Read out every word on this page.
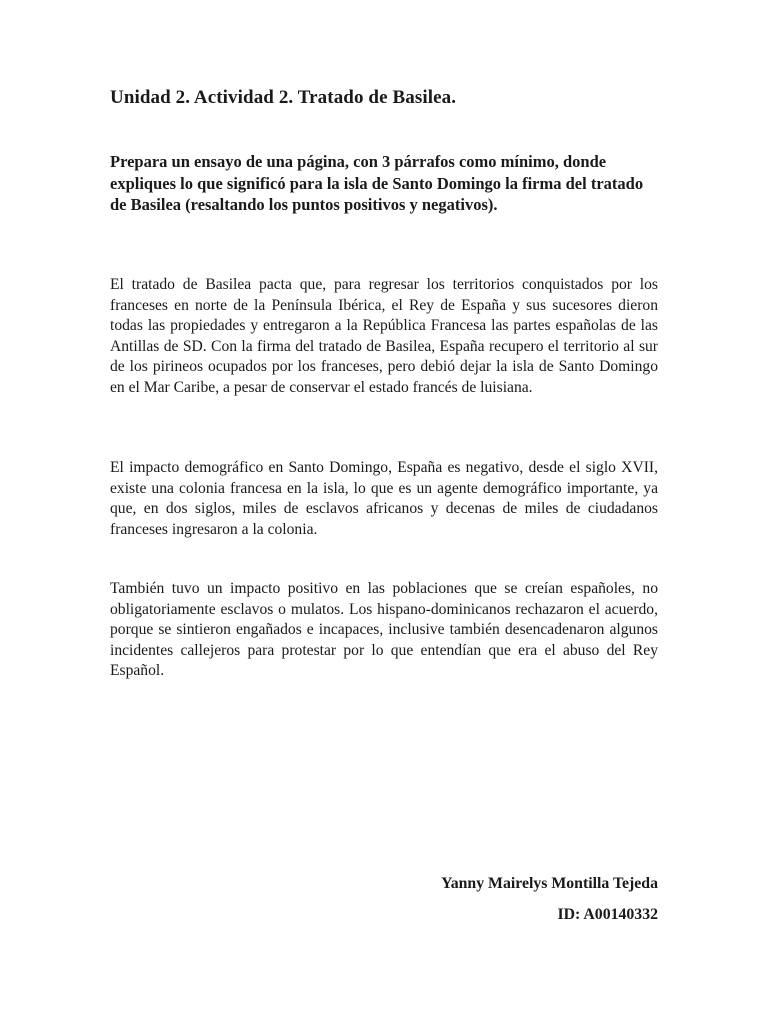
Unidad 2. Actividad 2. Tratado de Basilea.

Prepara un ensayo de una página, con 3 párrafos como mínimo, donde expliques lo que significó para la isla de Santo Domingo la firma del tratado de Basilea (resaltando los puntos positivos y negativos).

El tratado de Basilea pacta que, para regresar los territorios conquistados por los franceses en norte de la Península Ibérica, el Rey de España y sus sucesores dieron todas las propiedades y entregaron a la República Francesa las partes españolas de las Antillas de SD. Con la firma del tratado de Basilea, España recupero el territorio al sur de los pirineos ocupados por los franceses, pero debió dejar la isla de Santo Domingo en el Mar Caribe, a pesar de conservar el estado francés de luisiana.

El impacto demográfico en Santo Domingo, España es negativo, desde el siglo XVII, existe una colonia francesa en la isla, lo que es un agente demográfico importante, ya que, en dos siglos, miles de esclavos africanos y decenas de miles de ciudadanos franceses ingresaron a la colonia.

También tuvo un impacto positivo en las poblaciones que se creían españoles, no obligatoriamente esclavos o mulatos. Los hispano-dominicanos rechazaron el acuerdo, porque se sintieron engañados e incapaces, inclusive también desencadenaron algunos incidentes callejeros para protestar por lo que entendían que era el abuso del Rey Español.

Yanny Mairelys Montilla Tejeda

ID: A00140332
